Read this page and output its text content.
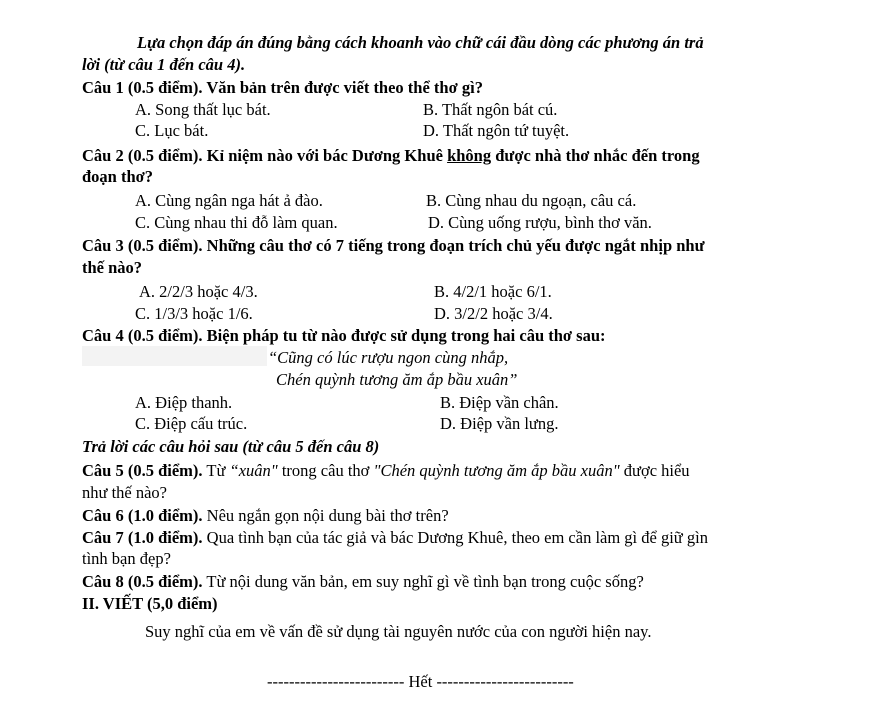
Lựa chọn đáp án đúng bằng cách khoanh vào chữ cái đầu dòng các phương án trả
lời (từ câu 1 đến câu 4).
Câu 1 (0.5 điểm). Văn bản trên được viết theo thể thơ gì?
A. Song thất lục bát.	B. Thất ngôn bát cú.
C. Lục bát.	D. Thất ngôn tứ tuyệt.
Câu 2 (0.5 điểm). Kỉ niệm nào với bác Dương Khuê không được nhà thơ nhắc đến trong
đoạn thơ?
A. Cùng ngân nga hát ả đào.	B. Cùng nhau du ngoạn, câu cá.
C. Cùng nhau thi đỗ làm quan.	D. Cùng uống rượu, bình thơ văn.
Câu 3 (0.5 điểm). Những câu thơ có 7 tiếng trong đoạn trích chủ yếu được ngắt nhịp như
thế nào?
A. 2/2/3 hoặc 4/3.	B. 4/2/1 hoặc 6/1.
C. 1/3/3 hoặc 1/6.	D. 3/2/2 hoặc 3/4.
Câu 4 (0.5 điểm). Biện pháp tu từ nào được sử dụng trong hai câu thơ sau:
“Cũng có lúc rượu ngon cùng nhắp,
Chén quỳnh tương ăm ắp bầu xuân”
A. Điệp thanh.	B. Điệp vần chân.
C. Điệp cấu trúc.	D. Điệp vần lưng.
Trả lời các câu hỏi sau (từ câu 5 đến câu 8)
Câu 5 (0.5 điểm). Từ “xuân" trong câu thơ "Chén quỳnh tương ăm ắp bầu xuân" được hiểu
như thế nào?
Câu 6 (1.0 điểm). Nêu ngắn gọn nội dung bài thơ trên?
Câu 7 (1.0 điểm). Qua tình bạn của tác giả và bác Dương Khuê, theo em cần làm gì để giữ gìn
tình bạn đẹp?
Câu 8 (0.5 điểm). Từ nội dung văn bản, em suy nghĩ gì về tình bạn trong cuộc sống?
II. VIẾT (5,0 điểm)
Suy nghĩ của em về vấn đề sử dụng tài nguyên nước của con người hiện nay.
------------------------- Hết -------------------------
